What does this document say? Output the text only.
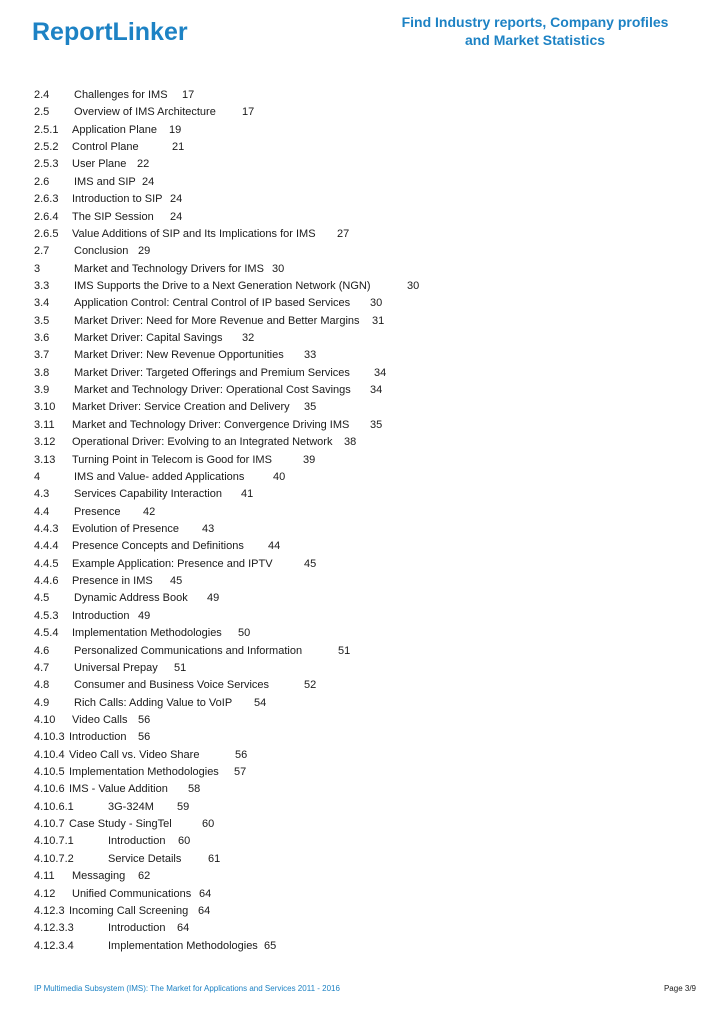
ReportLinker	Find Industry reports, Company profiles
and Market Statistics
2.4 Challenges for IMS 17
2.5 Overview of IMS Architecture 17
2.5.1 Application Plane 19
2.5.2 Control Plane	21
2.5.3 User Plane 22
2.6 IMS and SIP 24
2.6.3 Introduction to SIP 24
2.6.4 The SIP Session 24
2.6.5 Value Additions of SIP and Its Implications for IMS 27
2.7 Conclusion 29
3	Market and Technology Drivers for IMS 30
3.3 IMS Supports the Drive to a Next Generation Network (NGN)	30
3.4 Application Control: Central Control of IP based Services 30
3.5 Market Driver: Need for More Revenue and Better Margins 31
3.6 Market Driver: Capital Savings 32
3.7 Market Driver: New Revenue Opportunities 33
3.8 Market Driver: Targeted Offerings and Premium Services 34
3.9 Market and Technology Driver: Operational Cost Savings 34
3.10 Market Driver: Service Creation and Delivery 35
3.11 Market and Technology Driver: Convergence Driving IMS 35
3.12 Operational Driver: Evolving to an Integrated Network 38
3.13 Turning Point in Telecom is Good for IMS	39
4	IMS and Value- added Applications	40
4.3 Services Capability Interaction 41
4.4 Presence 42
4.4.3 Evolution of Presence 43
4.4.4 Presence Concepts and Definitions 44
4.4.5 Example Application: Presence and IPTV	45
4.4.6 Presence in IMS 45
4.5 Dynamic Address Book 49
4.5.3 Introduction 49
4.5.4 Implementation Methodologies 50
4.6 Personalized Communications and Information	51
4.7 Universal Prepay 51
4.8 Consumer and Business Voice Services	52
4.9 Rich Calls: Adding Value to VoIP 54
4.10 Video Calls 56
4.10.3 Introduction 56
4.10.4 Video Call vs. Video Share	56
4.10.5 Implementation Methodologies 57
4.10.6 IMS - Value Addition 58
4.10.6.1	3G-324M 59
4.10.7 Case Study - SingTel	60
4.10.7.1	Introduction 60
4.10.7.2	Service Details 61
4.11 Messaging 62
4.12 Unified Communications 64
4.12.3 Incoming Call Screening 64
4.12.3.3	Introduction 64
4.12.3.4	Implementation Methodologies 65
IP Multimedia Subsystem (IMS): The Market for Applications and Services 2011 - 2016	Page 3/9
